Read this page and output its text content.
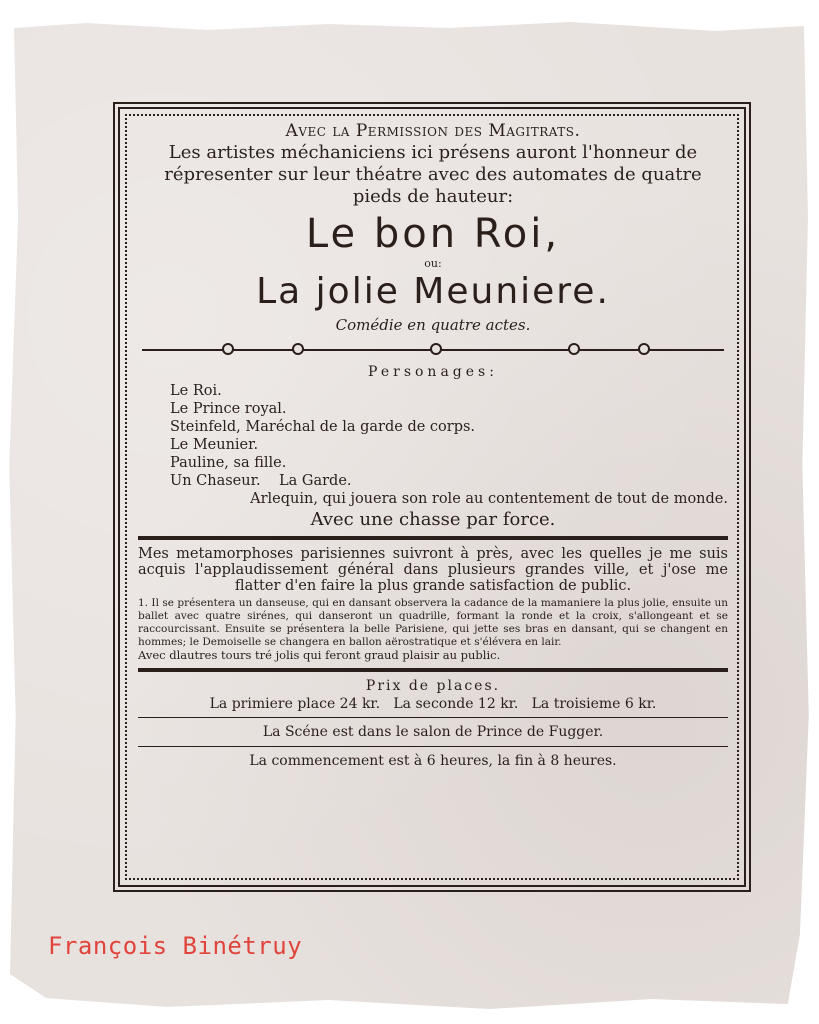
Avec la Permission des Magitrats.
Les artistes méchaniciens ici présens auront l'honneur de répresenter sur leur théatre avec des automates de quatre pieds de hauteur:
Le bon Roi,
ou:
La jolie Meuniere.
Comédie en quatre actes.
Personages:
Le Roi.
Le Prince royal.
Steinfeld, Maréchal de la garde de corps.
Le Meunier.
Pauline, sa fille.
Un Chaseur.    La Garde.
Arlequin, qui jouera son role au contentement de tout de monde.
Avec une chasse par force.
Mes metamorphoses parisiennes suivront à près, avec les quelles je me suis acquis l'applaudissement général dans plusieurs grandes ville, et j'ose me flatter d'en faire la plus grande satisfaction de public.
1. Il se présentera un danseuse, qui en dansant observera la cadance de la mamaniere la plus jolie, ensuite un ballet avec quatre sirénes, qui danseront un quadrille, formant la ronde et la croix, s'allongeant et se raccourcissant. Ensuite se présentera la belle Parisiene, qui jette ses bras en dansant, qui se changent en hommes; le Demoiselle se changera en ballon aërostratique et s'élévera en lair.
Avec dlautres tours tré jolis qui feront graud plaisir au public.
Prix de places.
La primiere place 24 kr.   La seconde 12 kr.   La troisieme 6 kr.
La Scéne est dans le salon de Prince de Fugger.
La commencement est à 6 heures, la fin à 8 heures.
François Binétruy
